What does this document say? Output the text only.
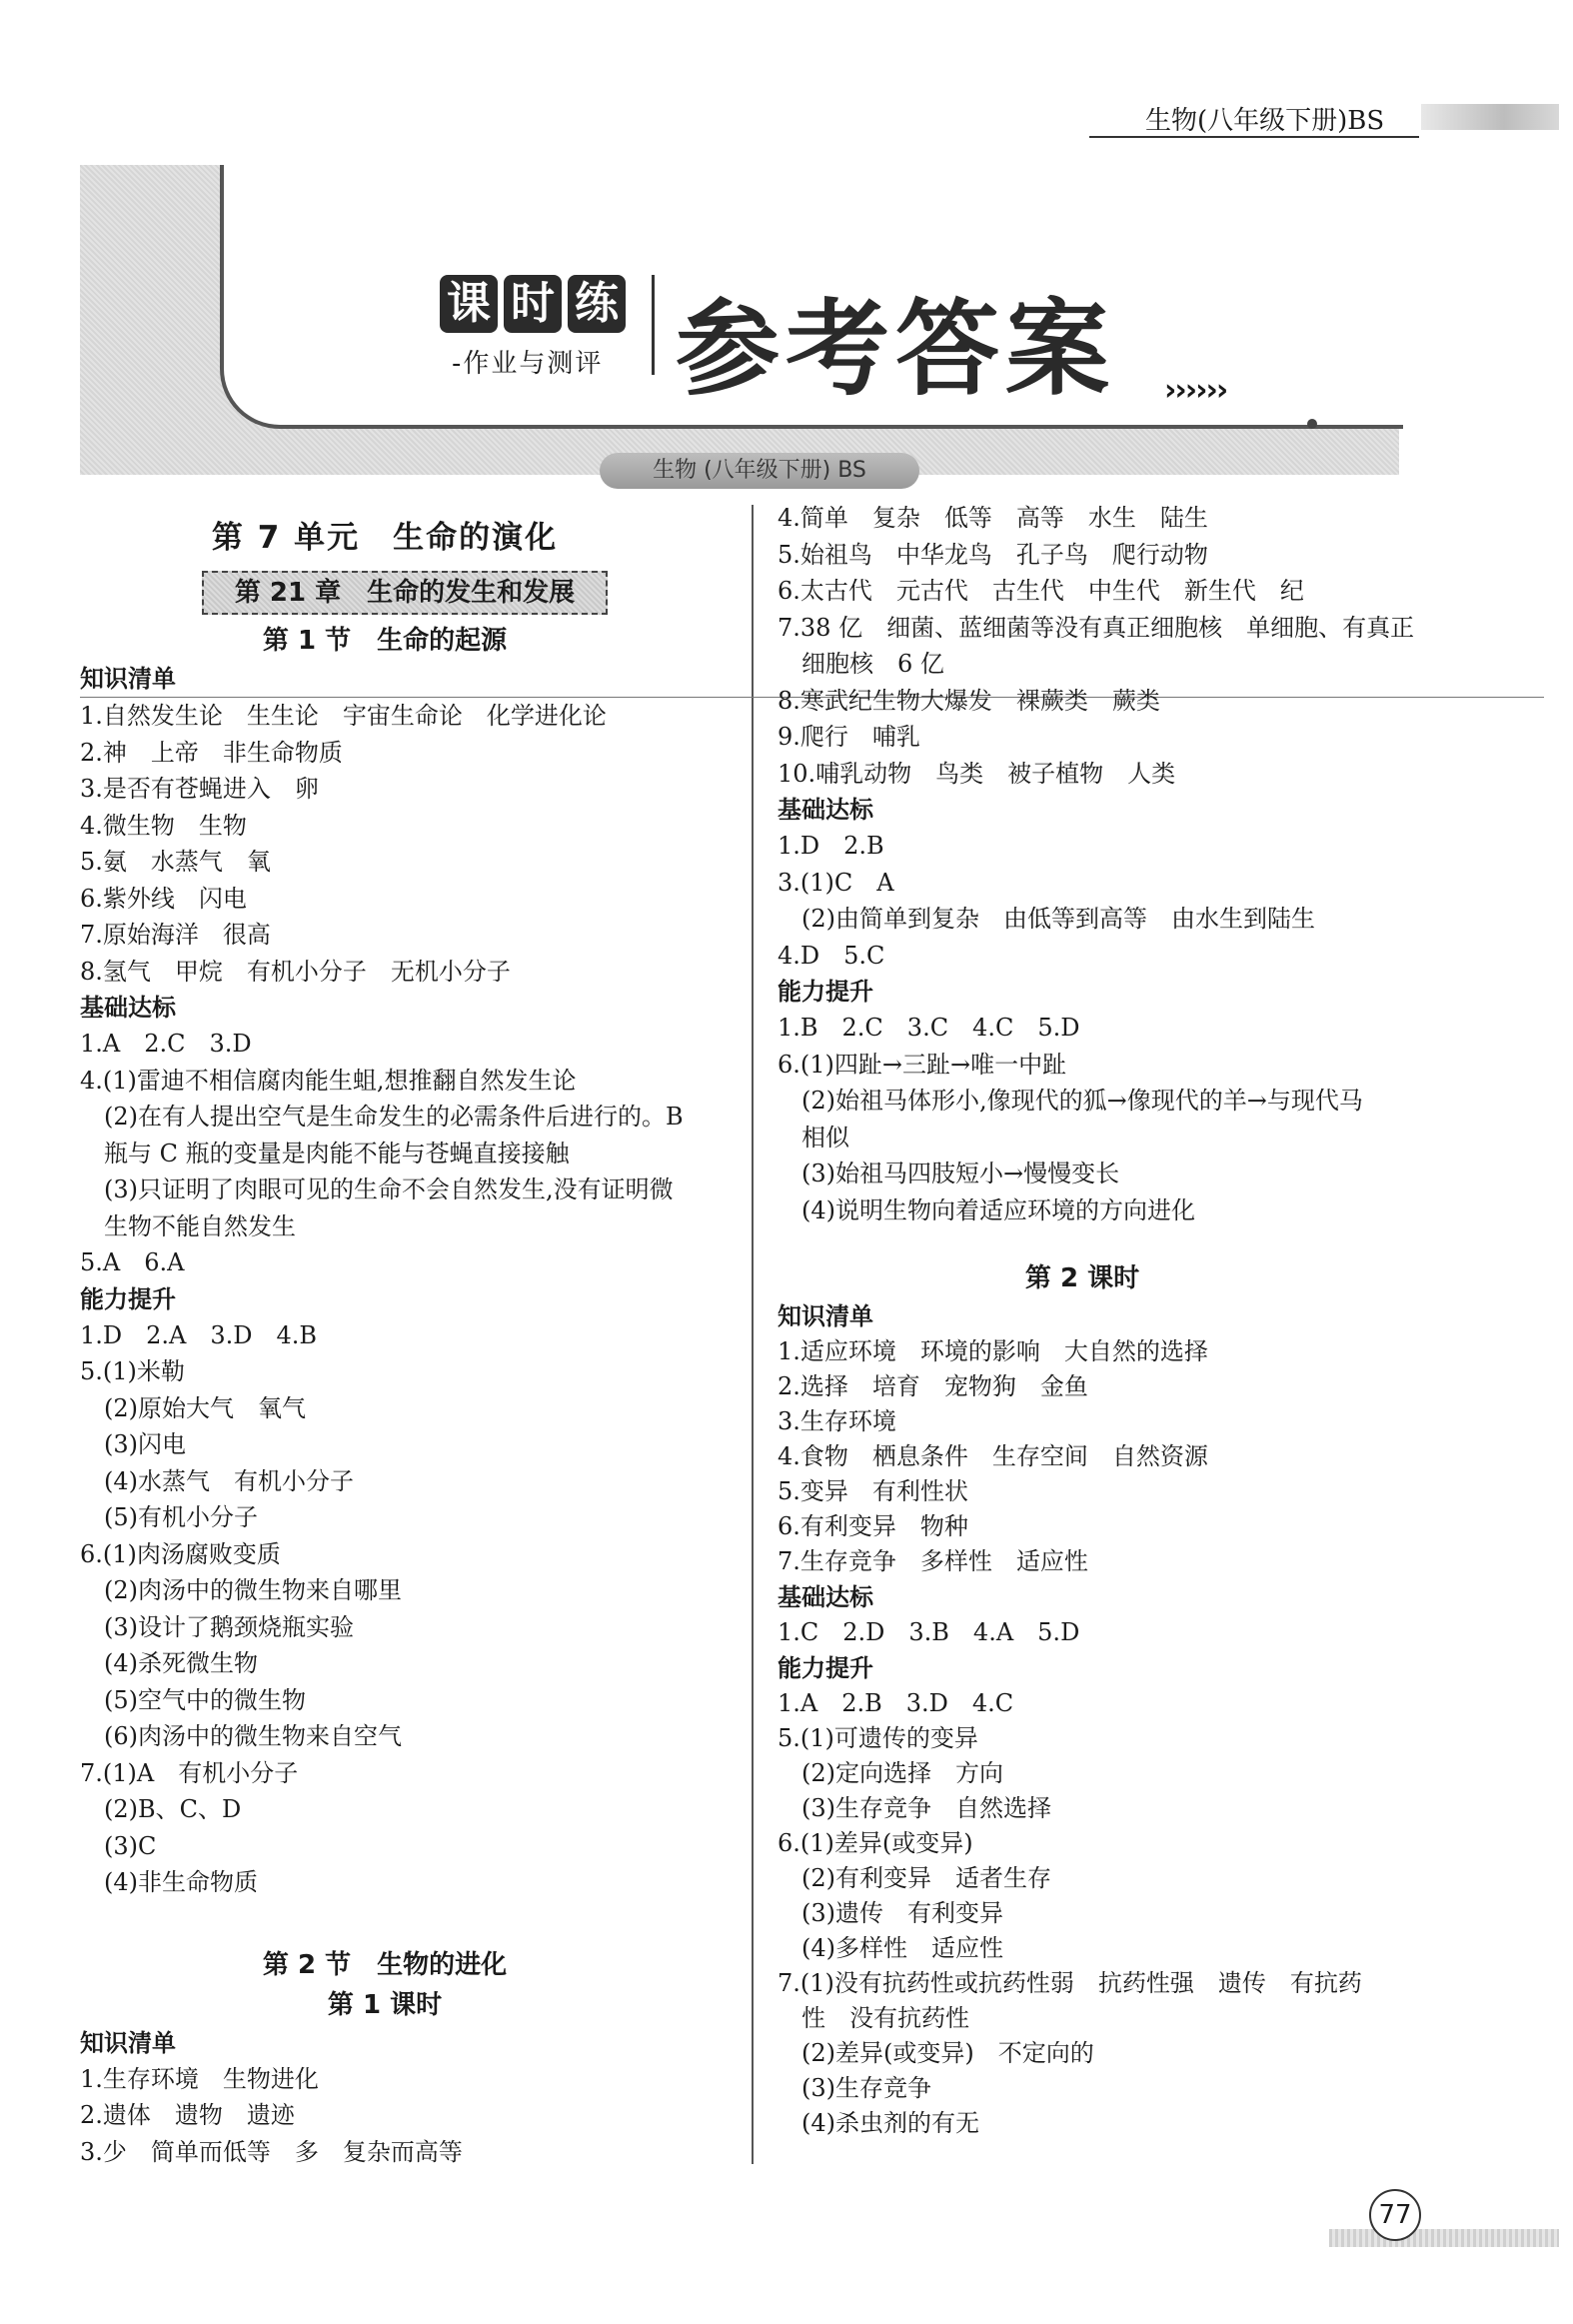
生物(八年级下册)BS
课 时 练
-作业与测评 参考答案 ››››››
生物 (八年级下册) BS
第 7 单元　生命的演化
第 21 章　生命的发生和发展
第 1 节　生命的起源
知识清单
1.自然发生论　生生论　宇宙生命论　化学进化论
2.神　上帝　非生命物质
3.是否有苍蝇进入　卵
4.微生物　生物
5.氨　水蒸气　氧
6.紫外线　闪电
7.原始海洋　很高
8.氢气　甲烷　有机小分子　无机小分子
基础达标
1.A　2.C　3.D
4.(1)雷迪不相信腐肉能生蛆,想推翻自然发生论
(2)在有人提出空气是生命发生的必需条件后进行的。B
瓶与 C 瓶的变量是肉能不能与苍蝇直接接触
(3)只证明了肉眼可见的生命不会自然发生,没有证明微
生物不能自然发生
5.A　6.A
能力提升
1.D　2.A　3.D　4.B
5.(1)米勒
(2)原始大气　氧气
(3)闪电
(4)水蒸气　有机小分子
(5)有机小分子
6.(1)肉汤腐败变质
(2)肉汤中的微生物来自哪里
(3)设计了鹅颈烧瓶实验
(4)杀死微生物
(5)空气中的微生物
(6)肉汤中的微生物来自空气
7.(1)A　有机小分子
(2)B、C、D
(3)C
(4)非生命物质
第 2 节　生物的进化
第 1 课时
知识清单
1.生存环境　生物进化
2.遗体　遗物　遗迹
3.少　简单而低等　多　复杂而高等
4.简单　复杂　低等　高等　水生　陆生
5.始祖鸟　中华龙鸟　孔子鸟　爬行动物
6.太古代　元古代　古生代　中生代　新生代　纪
7.38 亿　细菌、蓝细菌等没有真正细胞核　单细胞、有真正
细胞核　6 亿
8.寒武纪生物大爆发　裸蕨类　蕨类
9.爬行　哺乳
10.哺乳动物　鸟类　被子植物　人类
基础达标
1.D　2.B
3.(1)C　A
(2)由简单到复杂　由低等到高等　由水生到陆生
4.D　5.C
能力提升
1.B　2.C　3.C　4.C　5.D
6.(1)四趾→三趾→唯一中趾
(2)始祖马体形小,像现代的狐→像现代的羊→与现代马
相似
(3)始祖马四肢短小→慢慢变长
(4)说明生物向着适应环境的方向进化
第 2 课时
知识清单
1.适应环境　环境的影响　大自然的选择
2.选择　培育　宠物狗　金鱼
3.生存环境
4.食物　栖息条件　生存空间　自然资源
5.变异　有利性状
6.有利变异　物种
7.生存竞争　多样性　适应性
基础达标
1.C　2.D　3.B　4.A　5.D
能力提升
1.A　2.B　3.D　4.C
5.(1)可遗传的变异
(2)定向选择　方向
(3)生存竞争　自然选择
6.(1)差异(或变异)
(2)有利变异　适者生存
(3)遗传　有利变异
(4)多样性　适应性
7.(1)没有抗药性或抗药性弱　抗药性强　遗传　有抗药
性　没有抗药性
(2)差异(或变异)　不定向的
(3)生存竞争
(4)杀虫剂的有无
77
